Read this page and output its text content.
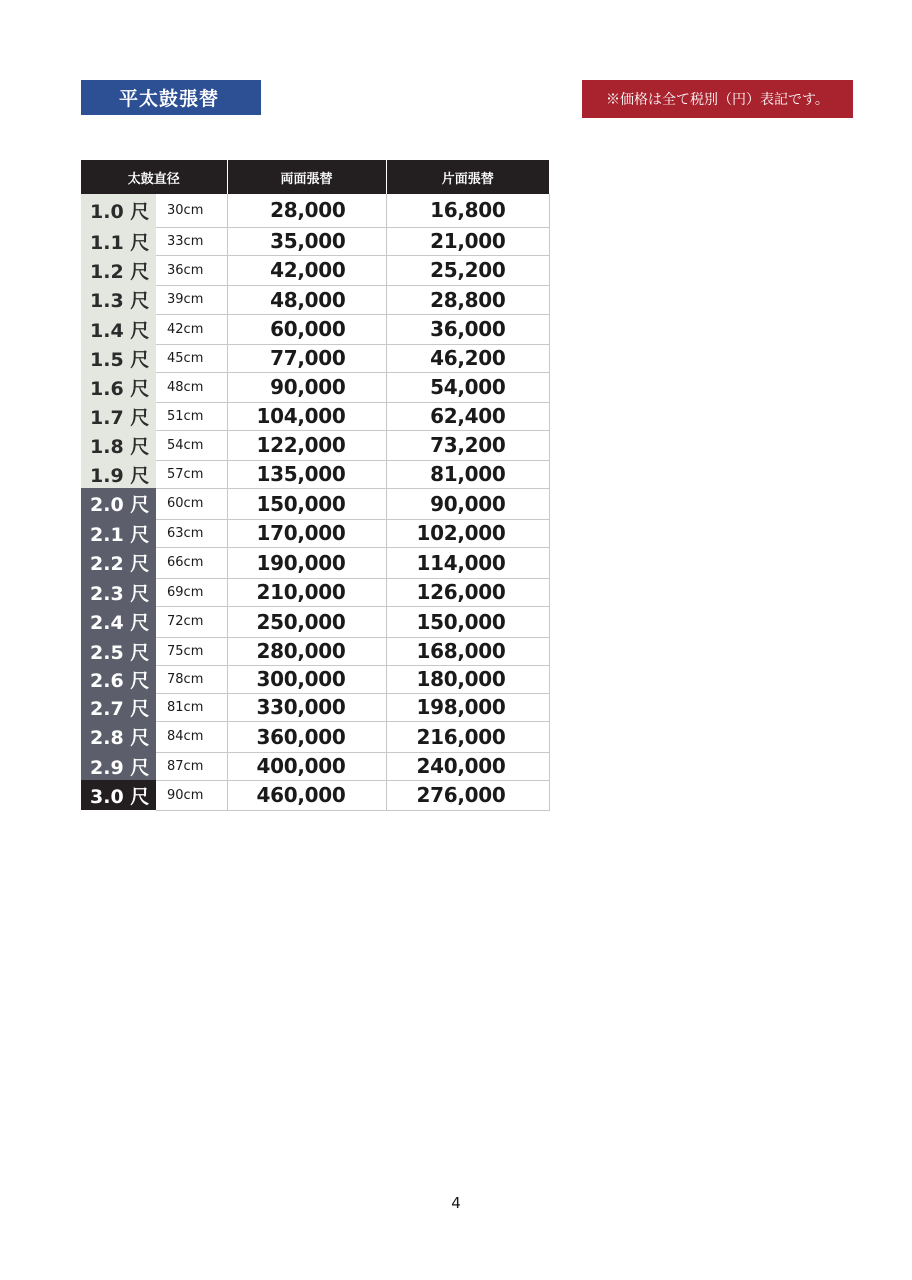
平太鼓張替	※価格は全て税別（円）表記です。
太鼓直径		両面張替	片面張替
1.0 尺	30cm	28,000	16,800
1.1 尺	33cm	35,000	21,000
1.2 尺	36cm	42,000	25,200
1.3 尺	39cm	48,000	28,800
1.4 尺	42cm	60,000	36,000
1.5 尺	45cm	77,000	46,200
1.6 尺	48cm	90,000	54,000
1.7 尺	51cm	104,000	62,400
1.8 尺	54cm	122,000	73,200
1.9 尺	57cm	135,000	81,000
2.0 尺	60cm	150,000	90,000
2.1 尺	63cm	170,000	102,000
2.2 尺	66cm	190,000	114,000
2.3 尺	69cm	210,000	126,000
2.4 尺	72cm	250,000	150,000
2.5 尺	75cm	280,000	168,000
2.6 尺	78cm	300,000	180,000
2.7 尺	81cm	330,000	198,000
2.8 尺	84cm	360,000	216,000
2.9 尺	87cm	400,000	240,000
3.0 尺	90cm	460,000	276,000
4
